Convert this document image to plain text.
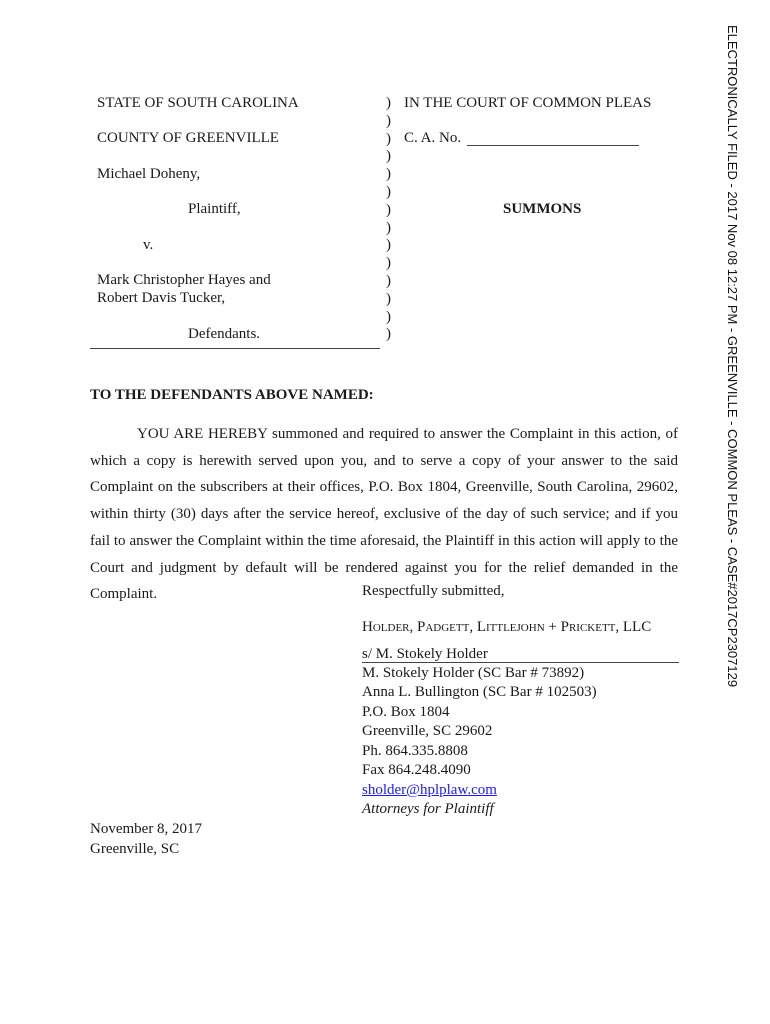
ELECTRONICALLY FILED - 2017 Nov 08 12:27 PM - GREENVILLE - COMMON PLEAS - CASE#2017CP2307129
STATE OF SOUTH CAROLINA
COUNTY OF GREENVILLE
Michael Doheny,
Plaintiff,
v.
Mark Christopher Hayes and
Robert Davis Tucker,
Defendants.
)
)
)
)
)
)
)
)
)
)
)
)
)
)
IN THE COURT OF COMMON PLEAS
C. A. No.
SUMMONS
TO THE DEFENDANTS ABOVE NAMED:
YOU ARE HEREBY summoned and required to answer the Complaint in this action, of which a copy is herewith served upon you, and to serve a copy of your answer to the said Complaint on the subscribers at their offices, P.O. Box 1804, Greenville, South Carolina, 29602, within thirty (30) days after the service hereof, exclusive of the day of such service; and if you fail to answer the Complaint within the time aforesaid, the Plaintiff in this action will apply to the Court and judgment by default will be rendered against you for the relief demanded in the Complaint.	Respectfully submitted,
Holder, Padgett, Littlejohn + Prickett, LLC
s/ M. Stokely Holder
M. Stokely Holder (SC Bar # 73892)
Anna L. Bullington (SC Bar # 102503)
P.O. Box 1804
Greenville, SC 29602
Ph. 864.335.8808
Fax 864.248.4090
sholder@hplplaw.com
Attorneys for Plaintiff
November 8, 2017
Greenville, SC
